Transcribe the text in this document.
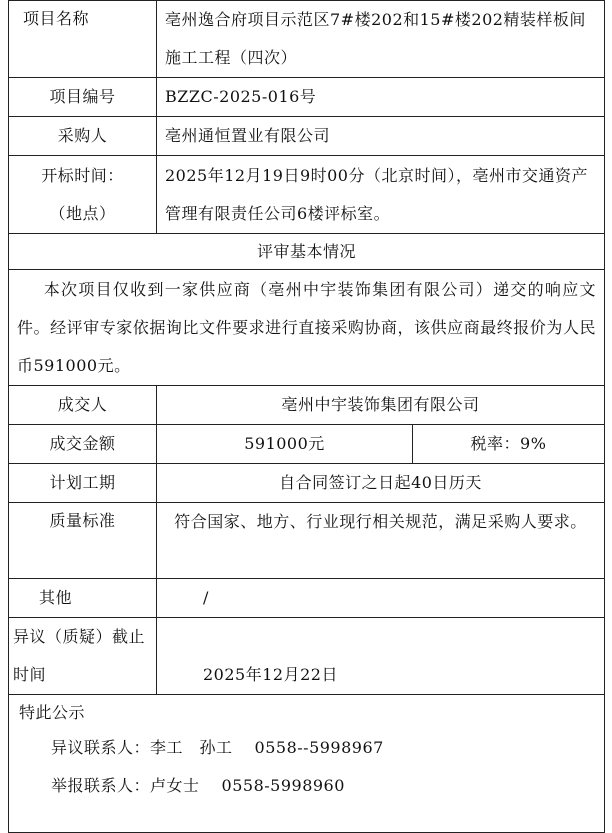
项目名称	亳州逸合府项目示范区7#楼202和15#楼202精装样板间施工工程（四次）	
项目编号	BZZC-2025-016号	
采购人	亳州通恒置业有限公司	

开标时间：
（地点）	2025年12月19日9时00分（北京时间），亳州市交通资产管理有限责任公司6楼评标室。	
评审基本情况		
本次项目仅收到一家供应商（亳州中宇装饰集团有限公司）递交的响应文件。经评审专家依据询比文件要求进行直接采购协商，该供应商最终报价为人民币591000元。		
成交人	亳州中宇装饰集团有限公司	
成交金额	591000元	税率：9%
计划工期	自合同签订之日起40日历天	
质量标准	符合国家、地方、行业现行相关规范，满足采购人要求。	
其他	/	
异议（质疑）截止时间	2025年12月22日	

特此公示
异议联系人：李工　孙工 0558--5998967
举报联系人：卢女士 0558-5998960		
